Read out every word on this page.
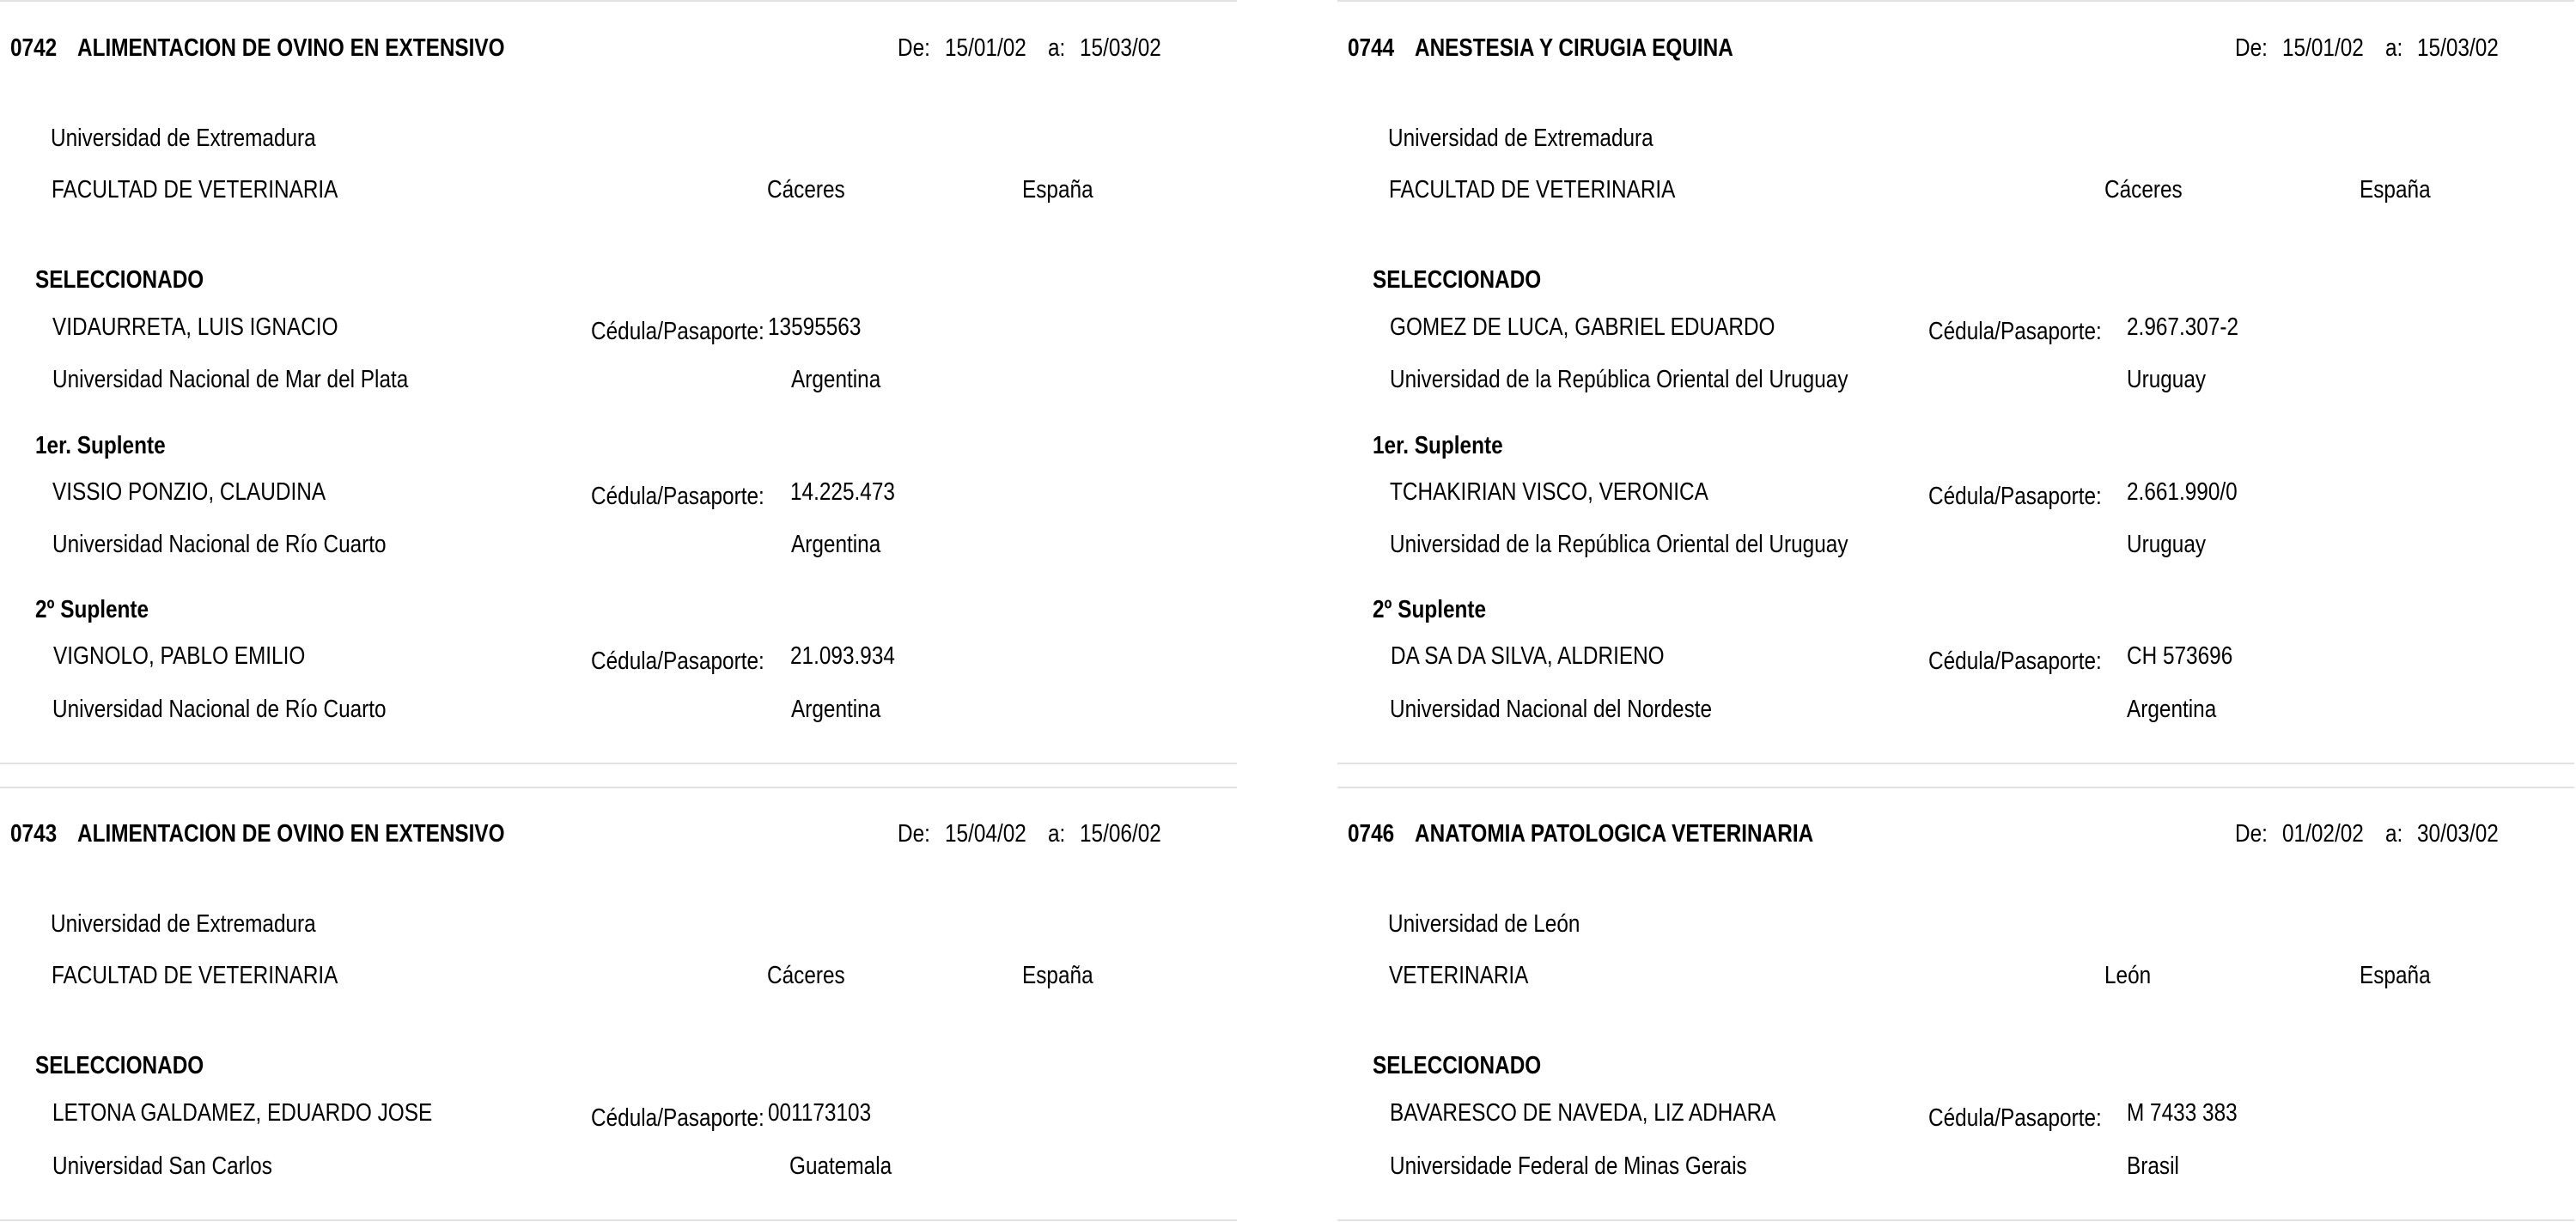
0742 ALIMENTACION DE OVINO EN EXTENSIVO	De: 15/01/02 a: 15/03/02
Universidad de Extremadura
FACULTAD DE VETERINARIA	Cáceres	España
SELECCIONADO
VIDAURRETA, LUIS IGNACIO	Cédula/Pasaporte: 13595563
Universidad Nacional de Mar del Plata	Argentina
1er. Suplente
VISSIO PONZIO, CLAUDINA	Cédula/Pasaporte: 14.225.473
Universidad Nacional de Río Cuarto	Argentina
2º Suplente
VIGNOLO, PABLO EMILIO	Cédula/Pasaporte: 21.093.934
Universidad Nacional de Río Cuarto	Argentina
0744 ANESTESIA Y CIRUGIA EQUINA	De: 15/01/02 a: 15/03/02
Universidad de Extremadura
FACULTAD DE VETERINARIA	Cáceres	España
SELECCIONADO
GOMEZ DE LUCA, GABRIEL EDUARDO	Cédula/Pasaporte: 2.967.307-2
Universidad de la República Oriental del Uruguay	Uruguay
1er. Suplente
TCHAKIRIAN VISCO, VERONICA	Cédula/Pasaporte: 2.661.990/0
Universidad de la República Oriental del Uruguay	Uruguay
2º Suplente
DA SA DA SILVA, ALDRIENO	Cédula/Pasaporte: CH 573696
Universidad Nacional del Nordeste	Argentina
0743 ALIMENTACION DE OVINO EN EXTENSIVO	De: 15/04/02 a: 15/06/02
Universidad de Extremadura
FACULTAD DE VETERINARIA	Cáceres	España
SELECCIONADO
LETONA GALDAMEZ, EDUARDO JOSE	Cédula/Pasaporte: 001173103
Universidad San Carlos	Guatemala
0746 ANATOMIA PATOLOGICA VETERINARIA	De: 01/02/02 a: 30/03/02
Universidad de León
VETERINARIA	León	España
SELECCIONADO
BAVARESCO DE NAVEDA, LIZ ADHARA	Cédula/Pasaporte: M 7433 383
Universidade Federal de Minas Gerais	Brasil
